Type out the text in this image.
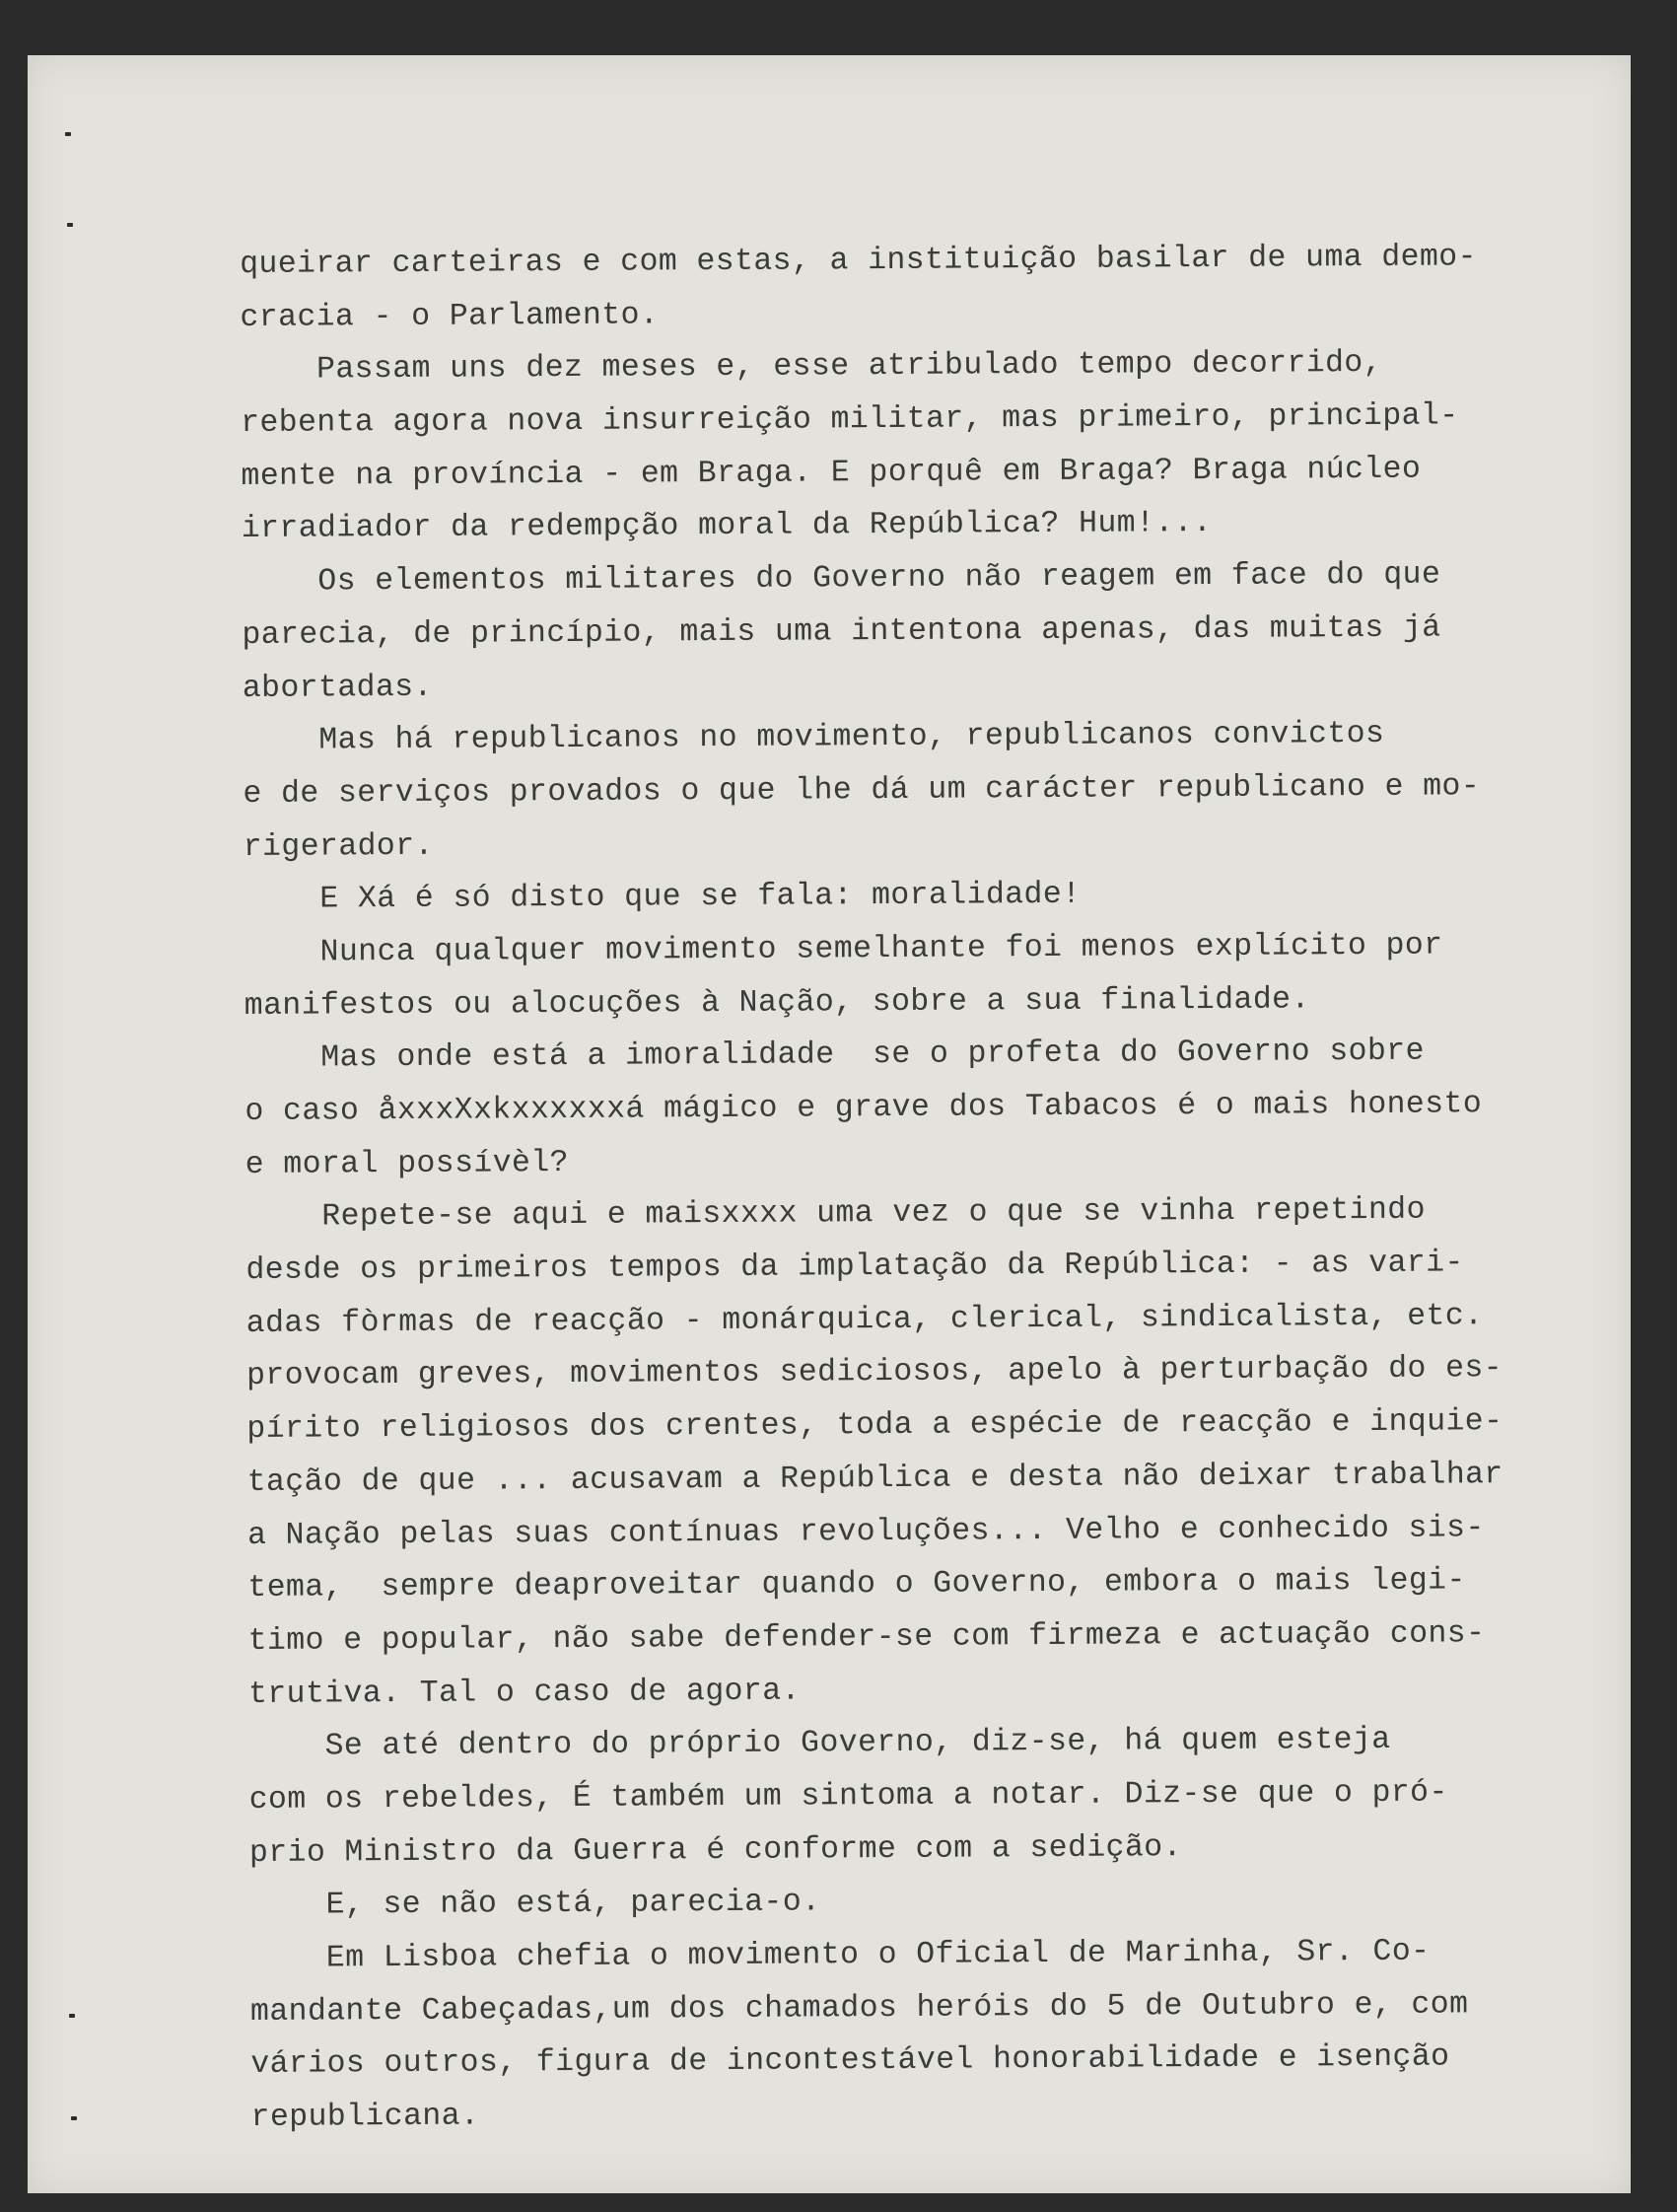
queirar carteiras e com estas, a instituição basilar de uma demo-
cracia - o Parlamento.
Passam uns dez meses e, esse atribulado tempo decorrido,
rebenta agora nova insurreição militar, mas primeiro, principal-
mente na província - em Braga. E porquê em Braga? Braga núcleo
irradiador da redempção moral da República? Hum!...
Os elementos militares do Governo não reagem em face do que
parecia, de princípio, mais uma intentona apenas, das muitas já
abortadas.
Mas há republicanos no movimento, republicanos convictos
e de serviços provados o que lhe dá um carácter republicano e mo-
rigerador.
E Xá é só disto que se fala: moralidade!
Nunca qualquer movimento semelhante foi menos explícito por
manifestos ou alocuções à Nação, sobre a sua finalidade.
Mas onde está a imoralidade  se o profeta do Governo sobre
o caso åxxxXxkxxxxxxá mágico e grave dos Tabacos é o mais honesto
e moral possívèl?
Repete-se aqui e maisxxxx uma vez o que se vinha repetindo
desde os primeiros tempos da implatação da República: - as vari-
adas fòrmas de reacção - monárquica, clerical, sindicalista, etc.
provocam greves, movimentos sediciosos, apelo à perturbação do es-
pírito religiosos dos crentes, toda a espécie de reacção e inquie-
tação de que ... acusavam a República e desta não deixar trabalhar
a Nação pelas suas contínuas revoluções... Velho e conhecido sis-
tema,  sempre deaproveitar quando o Governo, embora o mais legi-
timo e popular, não sabe defender-se com firmeza e actuação cons-
trutiva. Tal o caso de agora.
Se até dentro do próprio Governo, diz-se, há quem esteja
com os rebeldes, É também um sintoma a notar. Diz-se que o pró-
prio Ministro da Guerra é conforme com a sedição.
E, se não está, parecia-o.
Em Lisboa chefia o movimento o Oficial de Marinha, Sr. Co-
mandante Cabeçadas,um dos chamados heróis do 5 de Outubro e, com
vários outros, figura de incontestável honorabilidade e isenção
republicana.
